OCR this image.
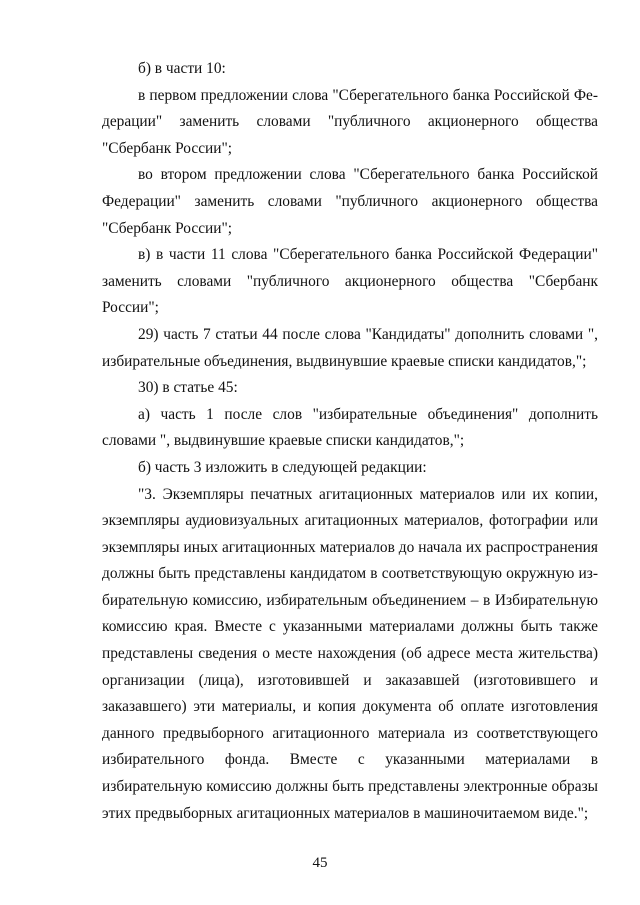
б) в части 10:

в первом предложении слова "Сберегательного банка Российской Федерации" заменить словами "публичного акционерного общества "Сбербанк России";

во втором предложении слова "Сберегательного банка Российской Федерации" заменить словами "публичного акционерного общества "Сбербанк России";

в) в части 11 слова "Сберегательного банка Российской Федерации" заменить словами "публичного акционерного общества "Сбербанк России";

29) часть 7 статьи 44 после слова "Кандидаты" дополнить словами ", избирательные объединения, выдвинувшие краевые списки кандидатов,";

30) в статье 45:

а) часть 1 после слов "избирательные объединения" дополнить словами ", выдвинувшие краевые списки кандидатов,";

б) часть 3 изложить в следующей редакции:

"3. Экземпляры печатных агитационных материалов или их копии, экземпляры аудиовизуальных агитационных материалов, фотографии или экземпляры иных агитационных материалов до начала их распространения должны быть представлены кандидатом в соответствующую окружную избирательную комиссию, избирательным объединением – в Избирательную комиссию края. Вместе с указанными материалами должны быть также представлены сведения о месте нахождения (об адресе места жительства) организации (лица), изготовившей и заказавшей (изготовившего и заказавшего) эти материалы, и копия документа об оплате изготовления данного предвыборного агитационного материала из соответствующего избирательного фонда. Вместе с указанными материалами в избирательную комиссию должны быть представлены электронные образы этих предвыборных агитационных материалов в машиночитаемом виде.";

45
